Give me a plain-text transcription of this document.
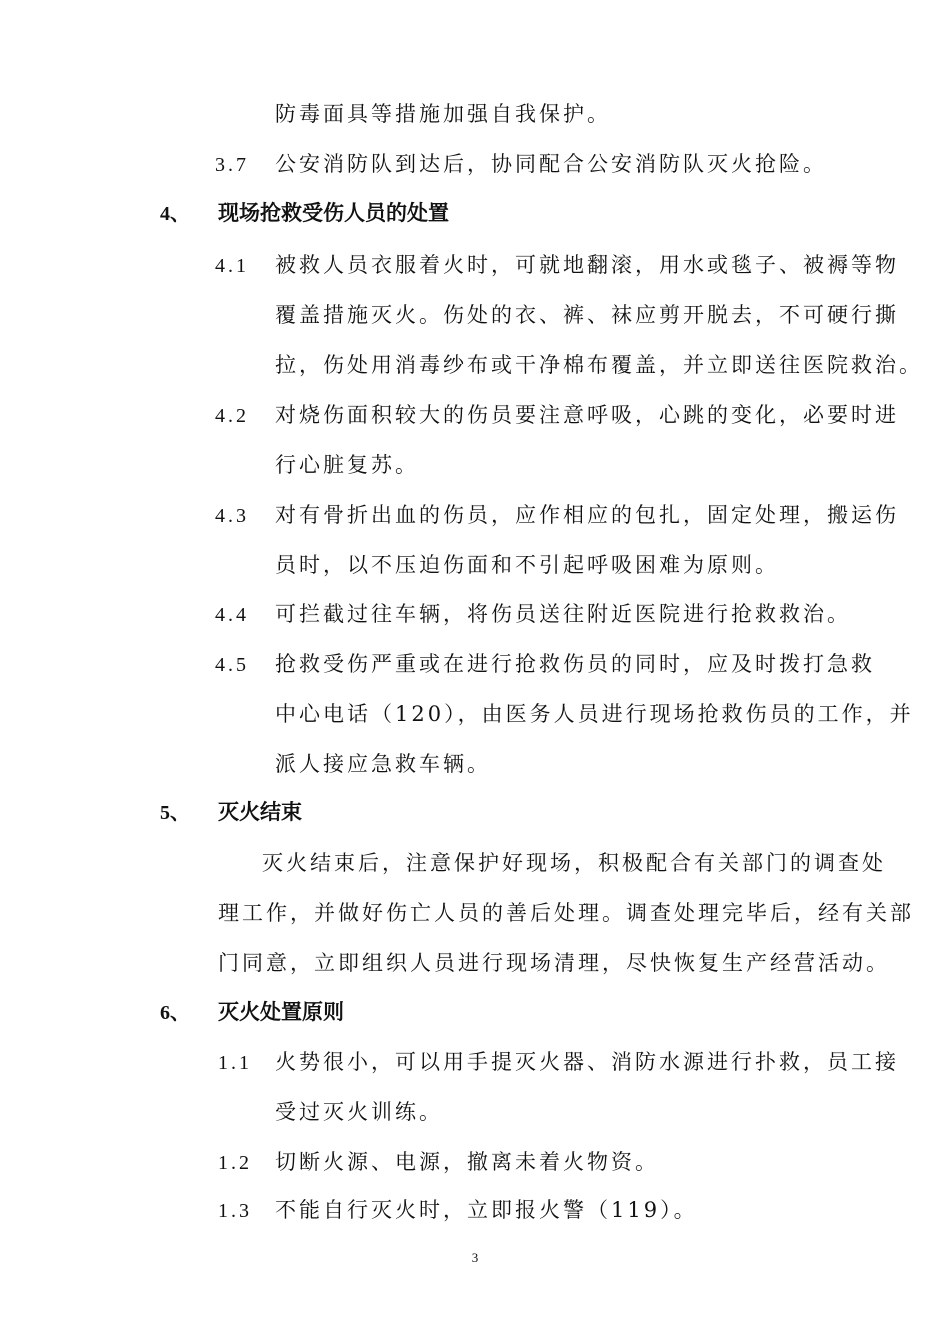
防毒面具等措施加强自我保护。
3.7 公安消防队到达后，协同配合公安消防队灭火抢险。
4、 现场抢救受伤人员的处置
4.1 被救人员衣服着火时，可就地翻滚，用水或毯子、被褥等物
覆盖措施灭火。伤处的衣、裤、袜应剪开脱去，不可硬行撕
拉，伤处用消毒纱布或干净棉布覆盖，并立即送往医院救治。
4.2 对烧伤面积较大的伤员要注意呼吸，心跳的变化，必要时进
行心脏复苏。
4.3 对有骨折出血的伤员，应作相应的包扎，固定处理，搬运伤
员时，以不压迫伤面和不引起呼吸困难为原则。
4.4 可拦截过往车辆，将伤员送往附近医院进行抢救救治。
4.5 抢救受伤严重或在进行抢救伤员的同时，应及时拨打急救
中心电话（120），由医务人员进行现场抢救伤员的工作，并
派人接应急救车辆。
5、 灭火结束
灭火结束后，注意保护好现场，积极配合有关部门的调查处
理工作，并做好伤亡人员的善后处理。调查处理完毕后，经有关部
门同意，立即组织人员进行现场清理，尽快恢复生产经营活动。
6、 灭火处置原则
1.1 火势很小，可以用手提灭火器、消防水源进行扑救，员工接
受过灭火训练。
1.2 切断火源、电源，撤离未着火物资。
1.3 不能自行灭火时，立即报火警（119）。
3
